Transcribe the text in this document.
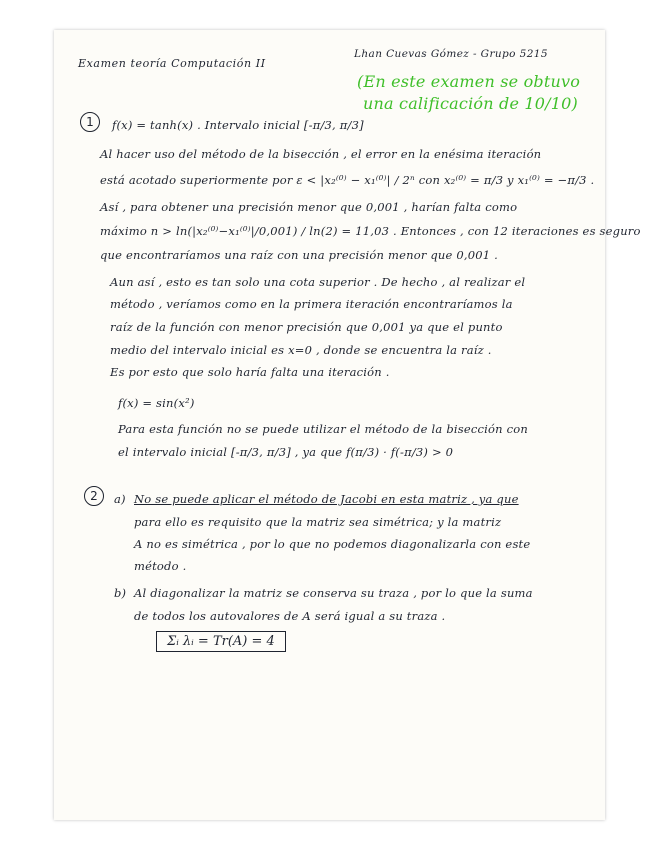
Examen teoría Computación II
Lhan Cuevas Gómez - Grupo 5215
(En este examen se obtuvo
una calificación de 10/10)
1	f(x) = tanh(x) . Intervalo inicial [-π/3, π/3]
Al hacer uso del método de la bisección , el error en la enésima iteración
está acotado superiormente por ε < |x₂⁽⁰⁾ − x₁⁽⁰⁾| / 2ⁿ con x₂⁽⁰⁾ = π/3 y x₁⁽⁰⁾ = −π/3 .
Así , para obtener una precisión menor que 0,001 , harían falta como
máximo n > ln(|x₂⁽⁰⁾−x₁⁽⁰⁾|/0,001) / ln(2) = 11,03 . Entonces , con 12 iteraciones es seguro
que encontraríamos una raíz con una precisión menor que 0,001 .
Aun así , esto es tan solo una cota superior . De hecho , al realizar el
método , veríamos como en la primera iteración encontraríamos la
raíz de la función con menor precisión que 0,001 ya que el punto
medio del intervalo inicial es x=0 , donde se encuentra la raíz .
Es por esto que solo haría falta una iteración .
f(x) = sin(x²)
Para esta función no se puede utilizar el método de la bisección con
el intervalo inicial [-π/3, π/3] , ya que f(π/3) · f(-π/3) > 0
2	a) No se puede aplicar el método de Jacobi en esta matriz , ya que
para ello es requisito que la matriz sea simétrica; y la matriz
A no es simétrica , por lo que no podemos diagonalizarla con este
método .
b) Al diagonalizar la matriz se conserva su traza , por lo que la suma
de todos los autovalores de A será igual a su traza .
Σᵢ λᵢ = Tr(A) = 4
